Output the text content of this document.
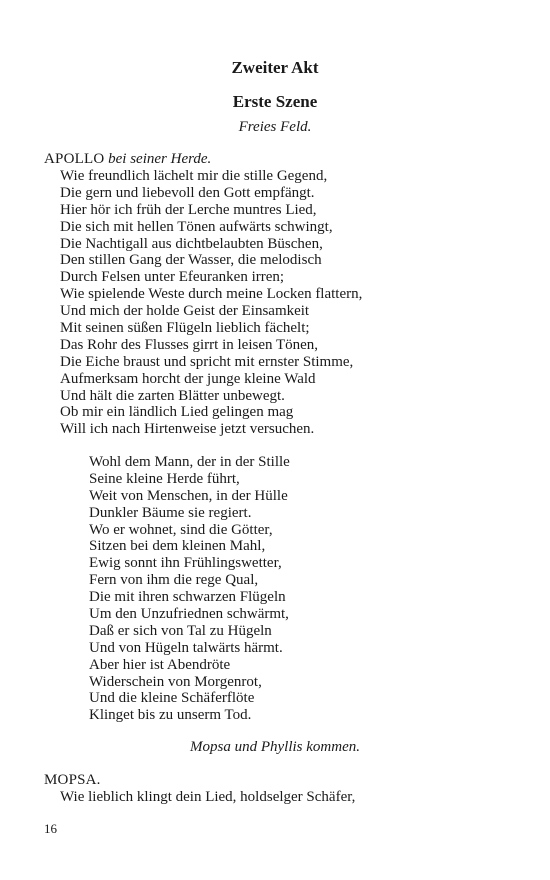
Zweiter Akt
Erste Szene
Freies Feld.
APOLLO bei seiner Herde.
Wie freundlich lächelt mir die stille Gegend,
Die gern und liebevoll den Gott empfängt.
Hier hör ich früh der Lerche muntres Lied,
Die sich mit hellen Tönen aufwärts schwingt,
Die Nachtigall aus dichtbelaubten Büschen,
Den stillen Gang der Wasser, die melodisch
Durch Felsen unter Efeuranken irren;
Wie spielende Weste durch meine Locken flattern,
Und mich der holde Geist der Einsamkeit
Mit seinen süßen Flügeln lieblich fächelt;
Das Rohr des Flusses girrt in leisen Tönen,
Die Eiche braust und spricht mit ernster Stimme,
Aufmerksam horcht der junge kleine Wald
Und hält die zarten Blätter unbewegt.
Ob mir ein ländlich Lied gelingen mag
Will ich nach Hirtenweise jetzt versuchen.
Wohl dem Mann, der in der Stille
Seine kleine Herde führt,
Weit von Menschen, in der Hülle
Dunkler Bäume sie regiert.
Wo er wohnet, sind die Götter,
Sitzen bei dem kleinen Mahl,
Ewig sonnt ihn Frühlingswetter,
Fern von ihm die rege Qual,
Die mit ihren schwarzen Flügeln
Um den Unzufriednen schwärmt,
Daß er sich von Tal zu Hügeln
Und von Hügeln talwärts härmt.
Aber hier ist Abendröte
Widerschein von Morgenrot,
Und die kleine Schäferflöte
Klinget bis zu unserm Tod.
Mopsa und Phyllis kommen.
MOPSA.
Wie lieblich klingt dein Lied, holdselger Schäfer,
16
